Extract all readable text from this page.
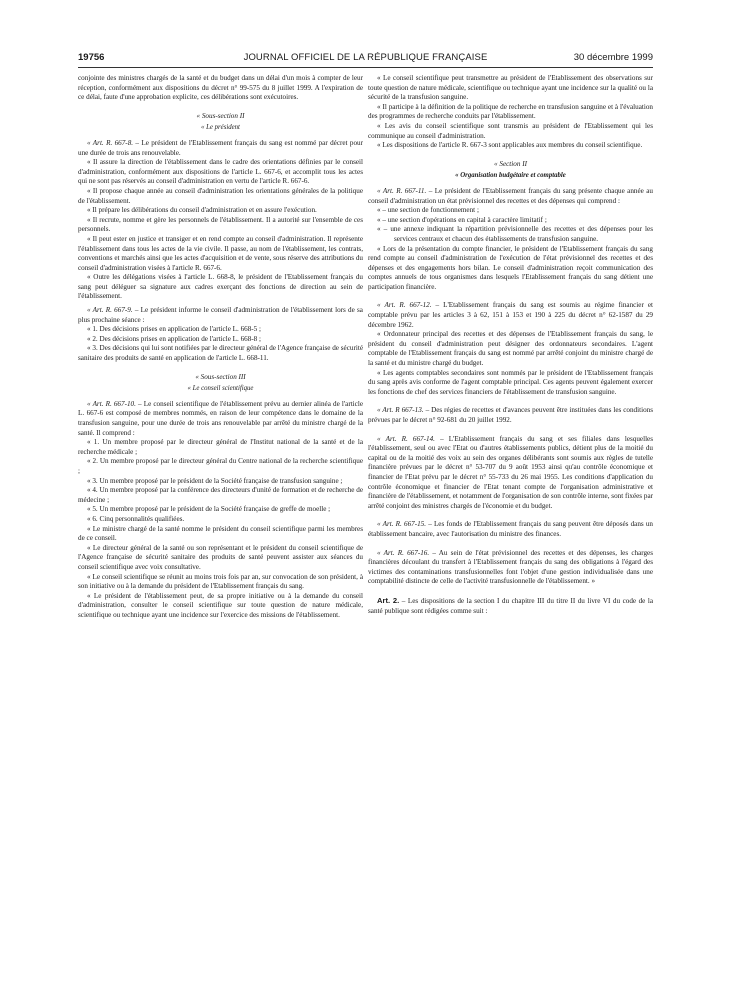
19756	JOURNAL OFFICIEL DE LA RÉPUBLIQUE FRANÇAISE	30 décembre 1999

conjointe des ministres chargés de la santé et du budget dans un délai d'un mois à compter de leur réception, conformément aux dispositions du décret n° 99-575 du 8 juillet 1999. A l'expiration de ce délai, faute d'une approbation explicite, ces délibérations sont exécutoires.

« Sous-section II

« Le président

« Art. R. 667-8. – Le président de l'Etablissement français du sang est nommé par décret pour une durée de trois ans renouvelable.

« Il assure la direction de l'établissement dans le cadre des orientations définies par le conseil d'administration, conformément aux dispositions de l'article L. 667-6, et accomplit tous les actes qui ne sont pas réservés au conseil d'administration en vertu de l'article R. 667-6.

« Il propose chaque année au conseil d'administration les orientations générales de la politique de l'établissement.

« Il prépare les délibérations du conseil d'administration et en assure l'exécution.

« Il recrute, nomme et gère les personnels de l'établissement. Il a autorité sur l'ensemble de ces personnels.

« Il peut ester en justice et transiger et en rend compte au conseil d'administration. Il représente l'établissement dans tous les actes de la vie civile. Il passe, au nom de l'établissement, les contrats, conventions et marchés ainsi que les actes d'acquisition et de vente, sous réserve des attributions du conseil d'administration visées à l'article R. 667-6.

« Outre les délégations visées à l'article L. 668-8, le président de l'Etablissement français du sang peut déléguer sa signature aux cadres exerçant des fonctions de direction au sein de l'établissement.

« Art. R. 667-9. – Le président informe le conseil d'administration de l'établissement lors de sa plus prochaine séance :

« 1. Des décisions prises en application de l'article L. 668-5 ;

« 2. Des décisions prises en application de l'article L. 668-8 ;

« 3. Des décisions qui lui sont notifiées par le directeur général de l'Agence française de sécurité sanitaire des produits de santé en application de l'article L. 668-11.

« Sous-section III

« Le conseil scientifique

« Art. R. 667-10. – Le conseil scientifique de l'établissement prévu au dernier alinéa de l'article L. 667-6 est composé de membres nommés, en raison de leur compétence dans le domaine de la transfusion sanguine, pour une durée de trois ans renouvelable par arrêté du ministre chargé de la santé. Il comprend :

« 1. Un membre proposé par le directeur général de l'Institut national de la santé et de la recherche médicale ;

« 2. Un membre proposé par le directeur général du Centre national de la recherche scientifique ;

« 3. Un membre proposé par le président de la Société française de transfusion sanguine ;

« 4. Un membre proposé par la conférence des directeurs d'unité de formation et de recherche de médecine ;

« 5. Un membre proposé par le président de la Société française de greffe de moelle ;

« 6. Cinq personnalités qualifiées.

« Le ministre chargé de la santé nomme le président du conseil scientifique parmi les membres de ce conseil.

« Le directeur général de la santé ou son représentant et le président du conseil scientifique de l'Agence française de sécurité sanitaire des produits de santé peuvent assister aux séances du conseil scientifique avec voix consultative.

« Le conseil scientifique se réunit au moins trois fois par an, sur convocation de son président, à son initiative ou à la demande du président de l'Etablissement français du sang.

« Le président de l'établissement peut, de sa propre initiative ou à la demande du conseil d'administration, consulter le conseil scientifique sur toute question de nature médicale, scientifique ou technique ayant une incidence sur l'exercice des missions de l'établissement.

« Le conseil scientifique peut transmettre au président de l'Etablissement des observations sur toute question de nature médicale, scientifique ou technique ayant une incidence sur la qualité ou la sécurité de la transfusion sanguine.

« Il participe à la définition de la politique de recherche en transfusion sanguine et à l'évaluation des programmes de recherche conduits par l'établissement.

« Les avis du conseil scientifique sont transmis au président de l'Etablissement qui les communique au conseil d'administration.

« Les dispositions de l'article R. 667-3 sont applicables aux membres du conseil scientifique.

« Section II

« Organisation budgétaire et comptable

« Art. R. 667-11. – Le président de l'Etablissement français du sang présente chaque année au conseil d'administration un état prévisionnel des recettes et des dépenses qui comprend :

« – une section de fonctionnement ;

« – une section d'opérations en capital à caractère limitatif ;

« – une annexe indiquant la répartition prévisionnelle des recettes et des dépenses pour les services centraux et chacun des établissements de transfusion sanguine.

« Lors de la présentation du compte financier, le président de l'Etablissement français du sang rend compte au conseil d'administration de l'exécution de l'état prévisionnel des recettes et des dépenses et des engagements hors bilan. Le conseil d'administration reçoit communication des comptes annuels de tous organismes dans lesquels l'Etablissement français du sang détient une participation financière.

« Art. R. 667-12. – L'Etablissement français du sang est soumis au régime financier et comptable prévu par les articles 3 à 62, 151 à 153 et 190 à 225 du décret n° 62-1587 du 29 décembre 1962.

« Ordonnateur principal des recettes et des dépenses de l'Etablissement français du sang, le président du conseil d'administration peut désigner des ordonnateurs secondaires. L'agent comptable de l'Etablissement français du sang est nommé par arrêté conjoint du ministre chargé de la santé et du ministre chargé du budget.

« Les agents comptables secondaires sont nommés par le président de l'Etablissement français du sang après avis conforme de l'agent comptable principal. Ces agents peuvent également exercer les fonctions de chef des services financiers de l'établissement de transfusion sanguine.

« Art. R 667-13. – Des régies de recettes et d'avances peuvent être instituées dans les conditions prévues par le décret n° 92-681 du 20 juillet 1992.

« Art. R. 667-14. – L'Etablissement français du sang et ses filiales dans lesquelles l'établissement, seul ou avec l'Etat ou d'autres établissements publics, détient plus de la moitié du capital ou de la moitié des voix au sein des organes délibérants sont soumis aux règles de tutelle financière prévues par le décret n° 53-707 du 9 août 1953 ainsi qu'au contrôle économique et financier de l'Etat prévu par le décret n° 55-733 du 26 mai 1955. Les conditions d'application du contrôle économique et financier de l'Etat tenant compte de l'organisation administrative et financière de l'établissement, et notamment de l'organisation de son contrôle interne, sont fixées par arrêté conjoint des ministres chargés de l'économie et du budget.

« Art. R. 667-15. – Les fonds de l'Etablissement français du sang peuvent être déposés dans un établissement bancaire, avec l'autorisation du ministre des finances.

« Art. R. 667-16. – Au sein de l'état prévisionnel des recettes et des dépenses, les charges financières découlant du transfert à l'Etablissement français du sang des obligations à l'égard des victimes des contaminations transfusionnelles font l'objet d'une gestion individualisée dans une comptabilité distincte de celle de l'activité transfusionnelle de l'établissement. »

Art. 2. – Les dispositions de la section I du chapitre III du titre II du livre VI du code de la santé publique sont rédigées comme suit :
